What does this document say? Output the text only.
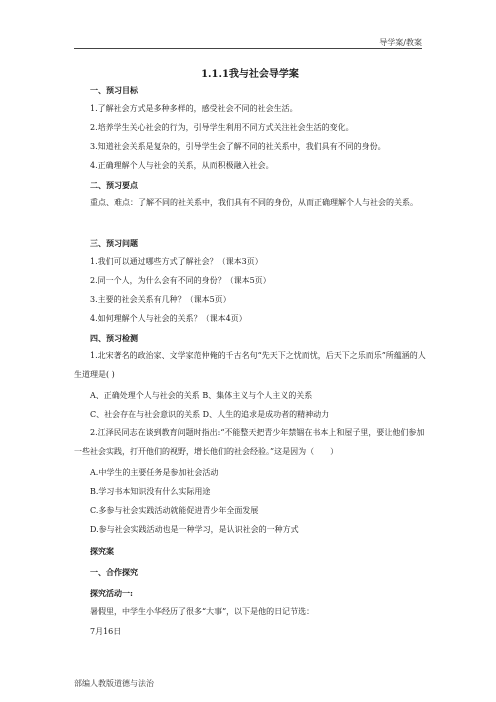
导学案/教案
1.1.1我与社会导学案
一、预习目标
1.了解社会方式是多种多样的，感受社会不同的社会生活。
2.培养学生关心社会的行为，引导学生利用不同方式关注社会生活的变化。
3.知道社会关系是复杂的，引导学生会了解不同的社关系中，我们具有不同的身份。
4.正确理解个人与社会的关系，从而积极融入社会。
二、预习要点
重点、难点：了解不同的社关系中，我们具有不同的身份，从而正确理解个人与社会的关系。
三、预习问题
1.我们可以通过哪些方式了解社会？（课本3页）
2.同一个人，为什么会有不同的身份？（课本5页）
3.主要的社会关系有几种？（课本5页）
4.如何理解个人与社会的关系？（课本4页）
四、预习检测
1.北宋著名的政治家、文学家范仲俺的千古名句“先天下之忧而忧，后天下之乐而乐”所蕴涵的人生道理是( )
A、正确处理个人与社会的关系 B、集体主义与个人主义的关系
C、社会存在与社会意识的关系 D、人生的追求是成功者的精神动力
2.江泽民同志在谈到教育问题时指出:“不能整天把青少年禁锢在书本上和屋子里，要让他们参加一些社会实践，打开他们的视野，增长他们的社会经验。”这是因为（　　）
A.中学生的主要任务是参加社会活动
B.学习书本知识没有什么实际用途
C.多参与社会实践活动就能促进青少年全面发展
D.参与社会实践活动也是一种学习，是认识社会的一种方式
探究案
一、合作探究
探究活动一:
暑假里，中学生小华经历了很多“大事”，以下是他的日记节选：
7月16日
部编人教版道德与法治
